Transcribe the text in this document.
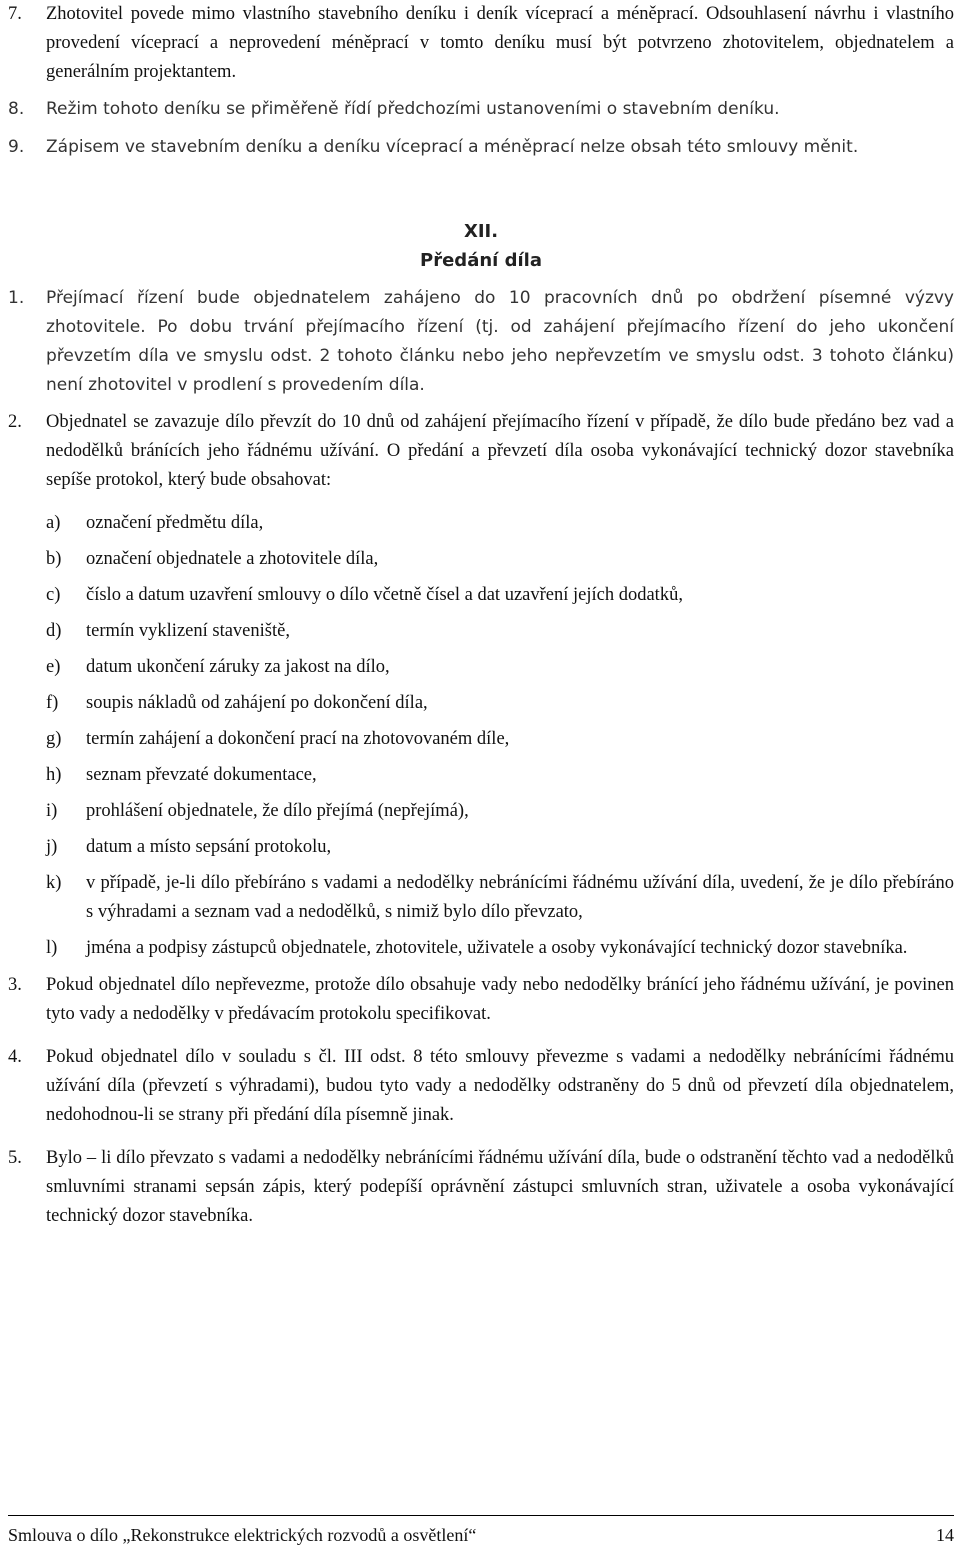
7.	Zhotovitel povede mimo vlastního stavebního deníku i deník víceprací a méněprací. Odsouhlasení návrhu i vlastního provedení víceprací a neprovedení méněprací v tomto deníku musí být potvrzeno zhotovitelem, objednatelem a generálním projektantem.
8.	Režim tohoto deníku se přiměřeně řídí předchozími ustanoveními o stavebním deníku.
9.	Zápisem ve stavebním deníku a deníku víceprací a méněprací nelze obsah této smlouvy měnit.
XII.
Předání díla
1.	Přejímací řízení bude objednatelem zahájeno do 10 pracovních dnů po obdržení písemné výzvy zhotovitele. Po dobu trvání přejímacího řízení (tj. od zahájení přejímacího řízení do jeho ukončení převzetím díla ve smyslu odst. 2 tohoto článku nebo jeho nepřevzetím ve smyslu odst. 3 tohoto článku) není zhotovitel v prodlení s provedením díla.
2.	Objednatel se zavazuje dílo převzít do 10 dnů od zahájení přejímacího řízení v případě, že dílo bude předáno bez vad a nedodělků bránících jeho řádnému užívání. O předání a převzetí díla osoba vykonávající technický dozor stavebníka sepíše protokol, který bude obsahovat:
a)	označení předmětu díla,
b)	označení objednatele a zhotovitele díla,
c)	číslo a datum uzavření smlouvy o dílo včetně čísel a dat uzavření jejích dodatků,
d)	termín vyklizení staveniště,
e)	datum ukončení záruky za jakost na dílo,
f)	soupis nákladů od zahájení po dokončení díla,
g)	termín zahájení a dokončení prací na zhotovovaném díle,
h)	seznam převzaté dokumentace,
i)	prohlášení objednatele, že dílo přejímá (nepřejímá),
j)	datum a místo sepsání protokolu,
k)	v případě, je-li dílo přebíráno s vadami a nedodělky nebránícími řádnému užívání díla, uvedení, že je dílo přebíráno s výhradami a seznam vad a nedodělků, s nimiž bylo dílo převzato,
l)	jména a podpisy zástupců objednatele, zhotovitele, uživatele a osoby vykonávající technický dozor stavebníka.
3.	Pokud objednatel dílo nepřevezme, protože dílo obsahuje vady nebo nedodělky bránící jeho řádnému užívání, je povinen tyto vady a nedodělky v předávacím protokolu specifikovat.
4.	Pokud objednatel dílo v souladu s čl. III odst. 8 této smlouvy převezme s vadami a nedodělky nebránícími řádnému užívání díla (převzetí s výhradami), budou tyto vady a nedodělky odstraněny do 5 dnů od převzetí díla objednatelem, nedohodnou-li se strany při předání díla písemně jinak.
5.	Bylo – li dílo převzato s vadami a nedodělky nebránícími řádnému užívání díla, bude o odstranění těchto vad a nedodělků smluvními stranami sepsán zápis, který podepíší oprávnění zástupci smluvních stran, uživatele a osoba vykonávající technický dozor stavebníka.
Smlouva o dílo „Rekonstrukce elektrických rozvodů a osvětlení“	14
